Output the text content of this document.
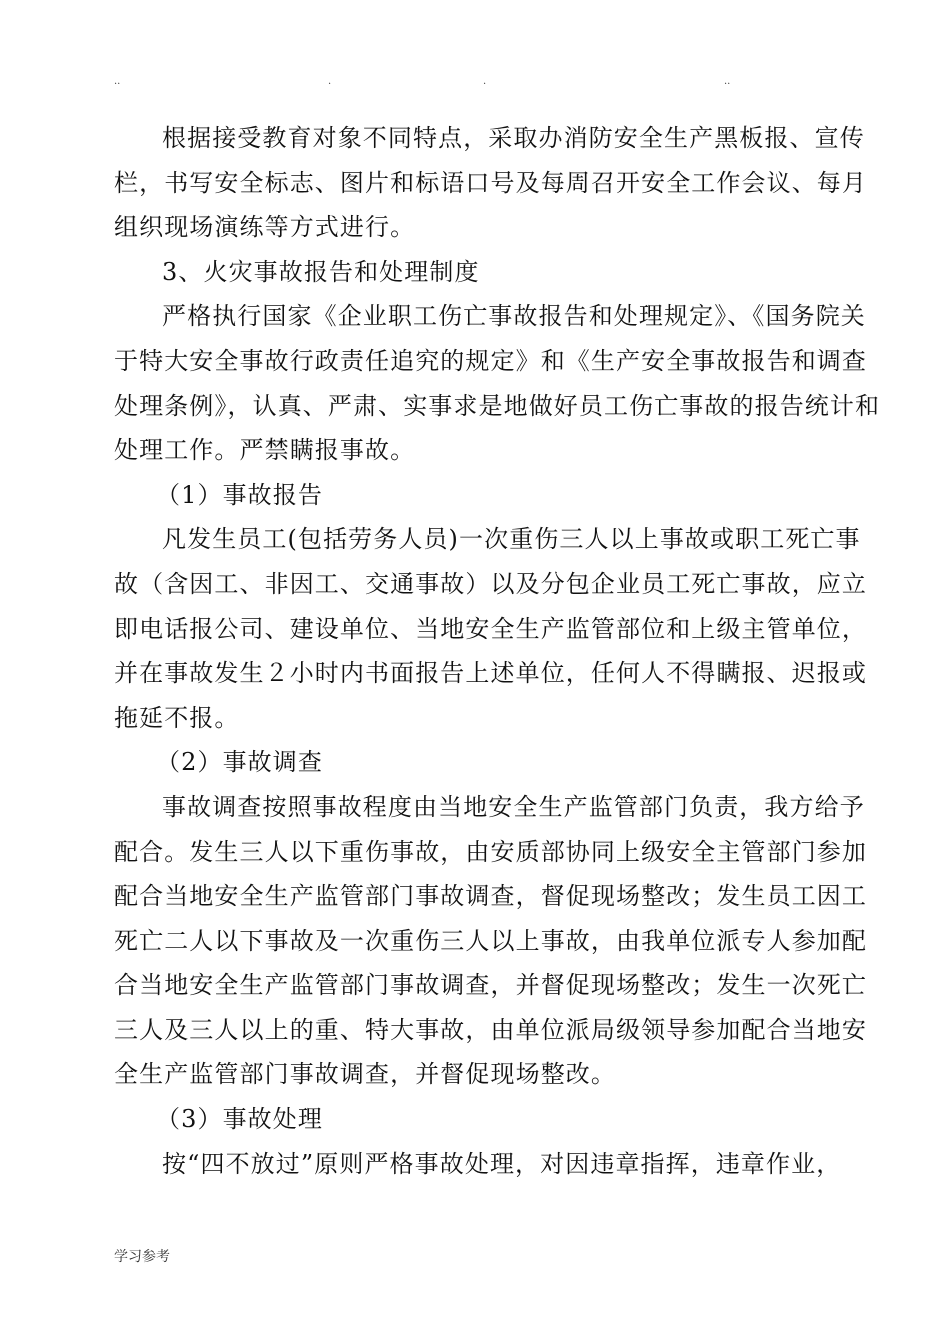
..	.	.	..
根据接受教育对象不同特点，采取办消防安全生产黑板报、宣传
栏，书写安全标志、图片和标语口号及每周召开安全工作会议、每月
组织现场演练等方式进行。
3、火灾事故报告和处理制度
严格执行国家《企业职工伤亡事故报告和处理规定》、《国务院关
于特大安全事故行政责任追究的规定》和《生产安全事故报告和调查
处理条例》，认真、严肃、实事求是地做好员工伤亡事故的报告统计和
处理工作。严禁瞒报事故。
（1）事故报告
凡发生员工(包括劳务人员)一次重伤三人以上事故或职工死亡事
故（含因工、非因工、交通事故）以及分包企业员工死亡事故，应立
即电话报公司、建设单位、当地安全生产监管部位和上级主管单位，
并在事故发生２小时内书面报告上述单位，任何人不得瞒报、迟报或
拖延不报。
（2）事故调查
事故调查按照事故程度由当地安全生产监管部门负责，我方给予
配合。发生三人以下重伤事故，由安质部协同上级安全主管部门参加
配合当地安全生产监管部门事故调查，督促现场整改；发生员工因工
死亡二人以下事故及一次重伤三人以上事故，由我单位派专人参加配
合当地安全生产监管部门事故调查，并督促现场整改；发生一次死亡
三人及三人以上的重、特大事故，由单位派局级领导参加配合当地安
全生产监管部门事故调查，并督促现场整改。
（3）事故处理
按“四不放过”原则严格事故处理，对因违章指挥，违章作业，
学习参考
